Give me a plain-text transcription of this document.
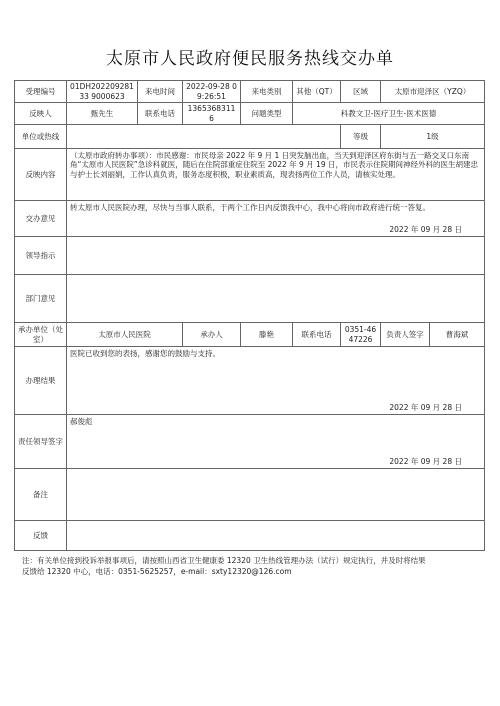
太原市人民政府便民服务热线交办单
受理编号	01DH20220928133 9000623	来电时间	2022-09-28 09:26:51	来电类别	其他（QT）	区域	太原市迎泽区（YZQ）	
反映人	甄先生	联系电话	13653683116	问题类型	科教文卫-医疗卫生-医术医德			
单位或热线						等级	1级	
反映内容	（太原市政府转办事项）：市民感谢：市民母亲 2022 年 9 月 1 日突发脑出血，当天到迎泽区府东街与五一路交叉口东南角“太原市人民医院”急诊科就医，随后在住院部重症住院至 2022 年 9 月 19 日，市民表示住院期间神经外科的医生胡建忠与护士长刘丽娟，工作认真负责，服务态度积极，职业素质高，现表扬两位工作人员，请核实处理。							
交办意见	转太原市人民医院办理，尽快与当事人联系，于两个工作日内反馈我中心，我中心将向市政府进行统一答复。
2022 年 09 月 28 日							

领导指示								
部门意见								
承办单位（处室）	太原市人民医院		承办人	滕艳	联系电话	0351-4647226	负责人签字	曹海斌
办理结果	医院已收到您的表扬，感谢您的鼓励与支持。
2022 年 09 月 28 日							

责任领导签字	郝俊彪
2022 年 09 月 28 日							

备注								
反馈								
注：有关单位接到投诉举报事项后，请按照山西省卫生健康委 12320 卫生热线管理办法（试行）规定执行，并及时将结果
反馈给 12320 中心，电话：0351-5625257，e-mail：sxty12320@126.com
